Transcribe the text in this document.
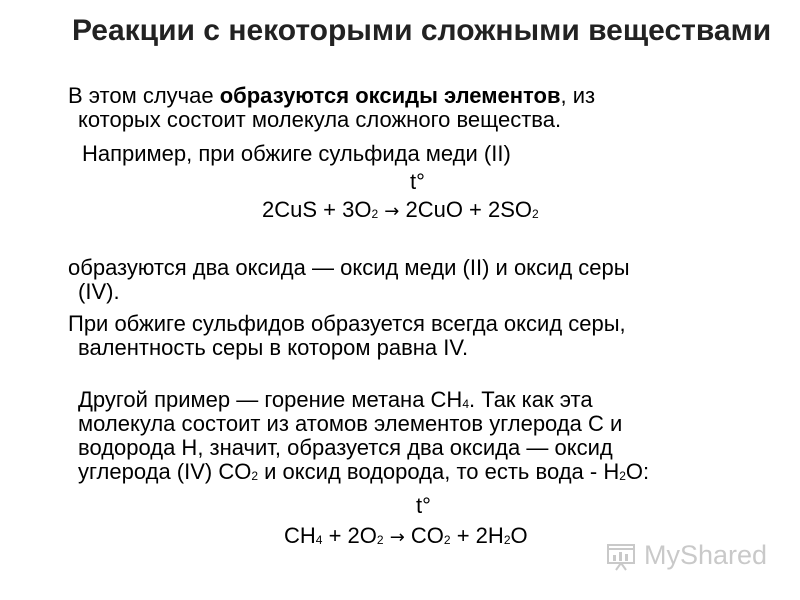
Реакции с некоторыми сложными веществами
В этом случае образуются оксиды элементов, из
которых состоит молекула сложного вещества.
Например, при обжиге сульфида меди (II)
t°
2CuS + 3O2 → 2CuO + 2SO2
образуются два оксида — оксид меди (II) и оксид серы
(IV).
При обжиге сульфидов образуется всегда оксид серы,
валентность серы в котором равна IV.
Другой пример — горение метана CH4. Так как эта
молекула состоит из атомов элементов углерода C и
водорода H, значит, образуется два оксида — оксид
углерода (IV) CO2 и оксид водорода, то есть вода - H2O:
t°
CH4 + 2O2 → CO2 + 2H2O
MyShared
